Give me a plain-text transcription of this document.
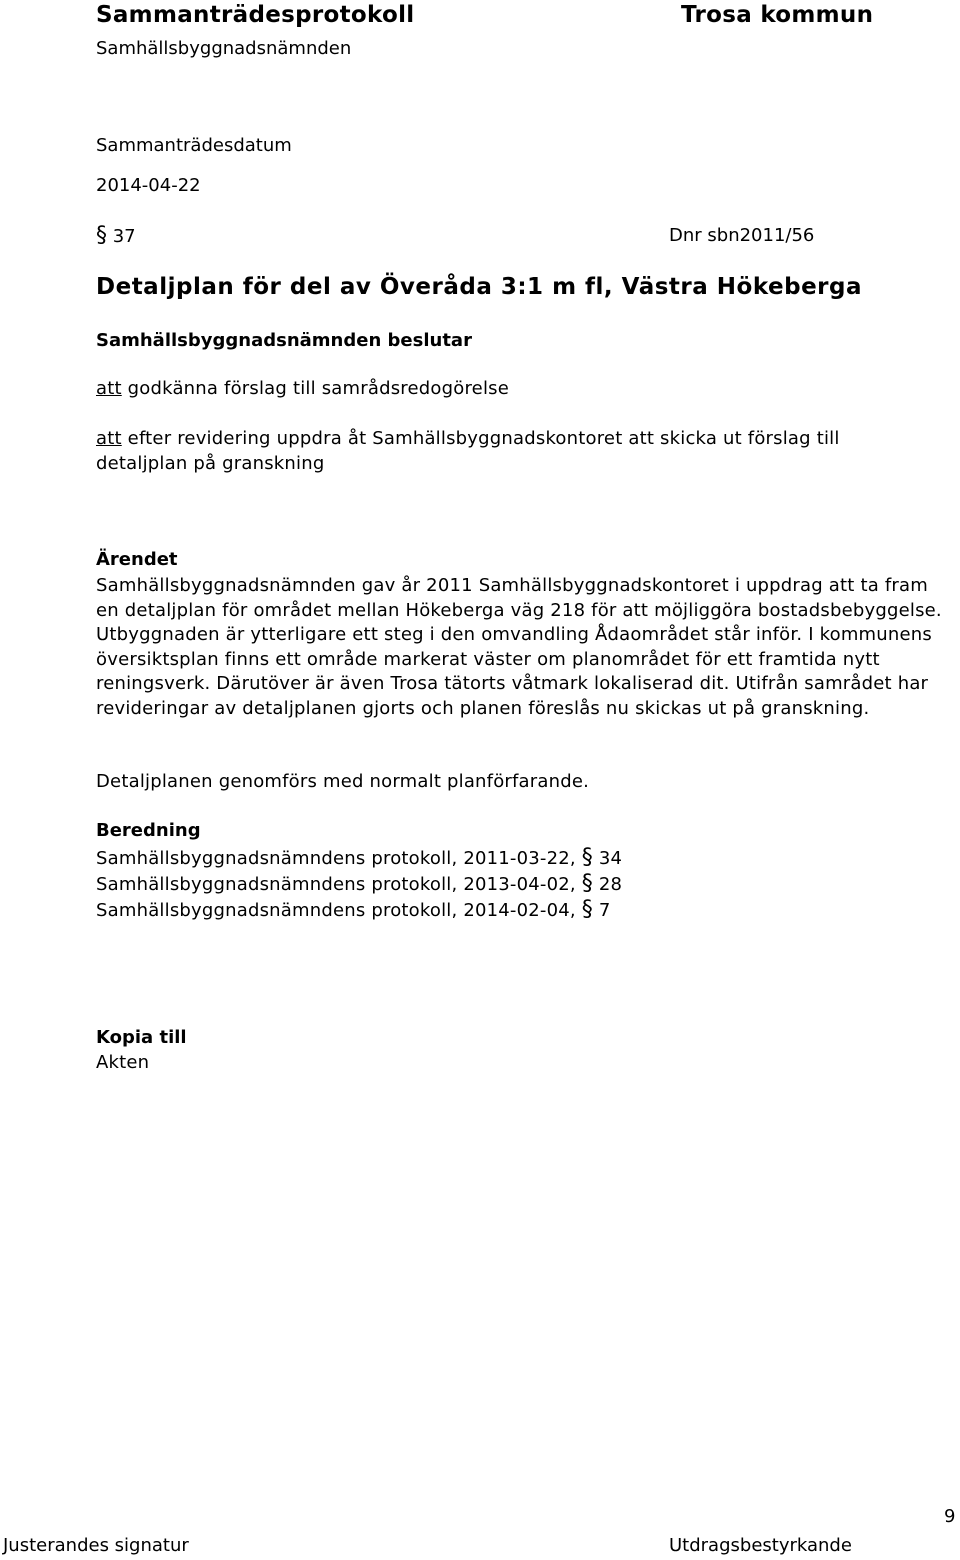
Sammanträdesprotokoll	Trosa kommun
Samhällsbyggnadsnämnden
Sammanträdesdatum
2014-04-22
§ 37	Dnr sbn2011/56
Detaljplan för del av Överåda 3:1 m fl, Västra Hökeberga
Samhällsbyggnadsnämnden beslutar
att godkänna förslag till samrådsredogörelse
att efter revidering uppdra åt Samhällsbyggnadskontoret att skicka ut förslag till detaljplan på granskning
Ärendet

Samhällsbyggnadsnämnden gav år 2011 Samhällsbyggnadskontoret i uppdrag att ta fram en detaljplan för området mellan Hökeberga väg 218 för att möjliggöra bostadsbebyggelse. Utbyggnaden är ytterligare ett steg i den omvandling Ådaområdet står inför. I kommunens översiktsplan finns ett område markerat väster om planområdet för ett framtida nytt reningsverk. Därutöver är även Trosa tätorts våtmark lokaliserad dit. Utifrån samrådet har revideringar av detaljplanen gjorts och planen föreslås nu skickas ut på granskning.

Detaljplanen genomförs med normalt planförfarande.
Beredning
Samhällsbyggnadsnämndens protokoll, 2011-03-22, § 34
Samhällsbyggnadsnämndens protokoll, 2013-04-02, § 28
Samhällsbyggnadsnämndens protokoll, 2014-02-04, § 7
Kopia till
Akten
Justerandes signatur	Utdragsbestyrkande
9
